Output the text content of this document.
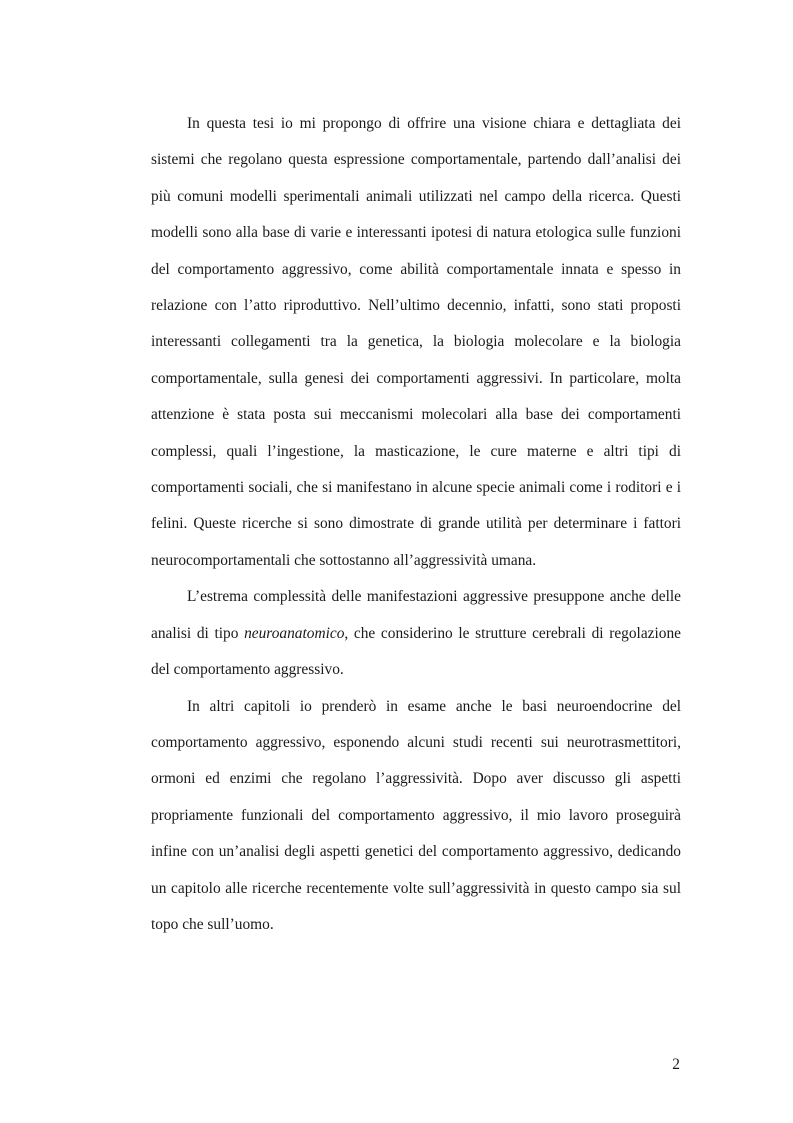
In questa tesi io mi propongo di offrire una visione chiara e dettagliata dei sistemi che regolano questa espressione comportamentale, partendo dall’analisi dei più comuni modelli sperimentali animali utilizzati nel campo della ricerca. Questi modelli sono alla base di varie e interessanti ipotesi di natura etologica sulle funzioni del comportamento aggressivo, come abilità comportamentale innata e spesso in relazione con l’atto riproduttivo. Nell’ultimo decennio, infatti, sono stati proposti interessanti collegamenti tra la genetica, la biologia molecolare e la biologia comportamentale, sulla genesi dei comportamenti aggressivi. In particolare, molta attenzione è stata posta sui meccanismi molecolari alla base dei comportamenti complessi, quali l’ingestione, la masticazione, le cure materne e altri tipi di comportamenti sociali, che si manifestano in alcune specie animali come i roditori e i felini. Queste ricerche si sono dimostrate di grande utilità per determinare i fattori neurocomportamentali che sottostanno all’aggressività umana.

L’estrema complessità delle manifestazioni aggressive presuppone anche delle analisi di tipo neuroanatomico, che considerino le strutture cerebrali di regolazione del comportamento aggressivo.

In altri capitoli io prenderò in esame anche le basi neuroendocrine del comportamento aggressivo, esponendo alcuni studi recenti sui neurotrasmettitori, ormoni ed enzimi che regolano l’aggressività. Dopo aver discusso gli aspetti propriamente funzionali del comportamento aggressivo, il mio lavoro proseguirà infine con un’analisi degli aspetti genetici del comportamento aggressivo, dedicando un capitolo alle ricerche recentemente volte sull’aggressività in questo campo sia sul topo che sull’uomo.

2
